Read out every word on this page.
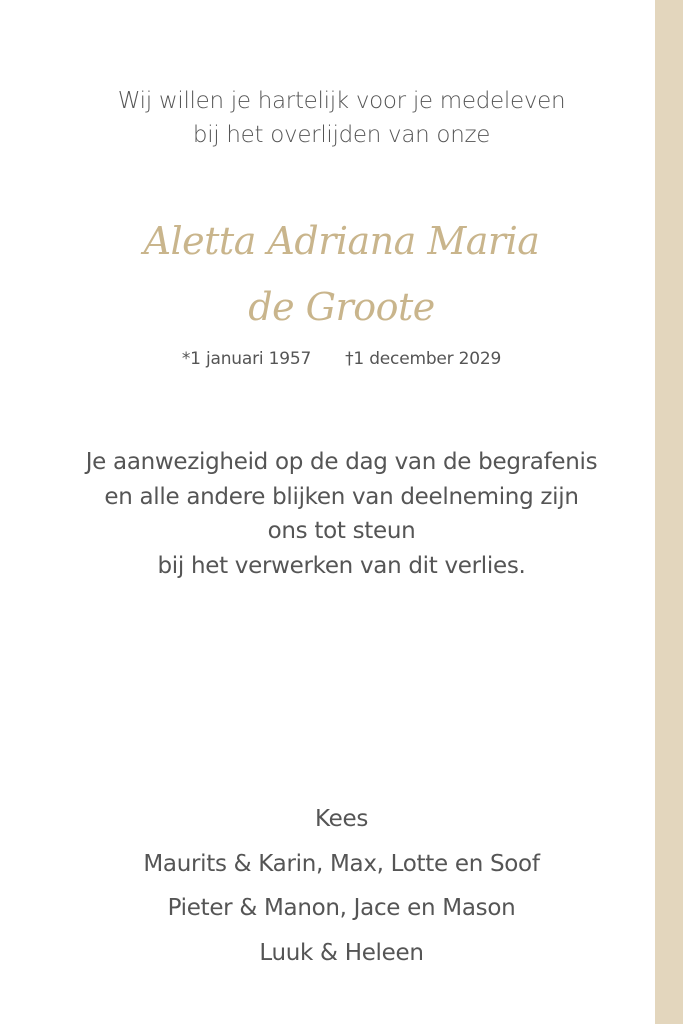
Wij willen je hartelijk voor je medeleven
bij het overlijden van onze
Aletta Adriana Maria
de Groote
*1 januari 1957 †1 december 2029
Je aanwezigheid op de dag van de begrafenis
en alle andere blijken van deelneming zijn
ons tot steun
bij het verwerken van dit verlies.
Kees
Maurits & Karin, Max, Lotte en Soof
Pieter & Manon, Jace en Mason
Luuk & Heleen
